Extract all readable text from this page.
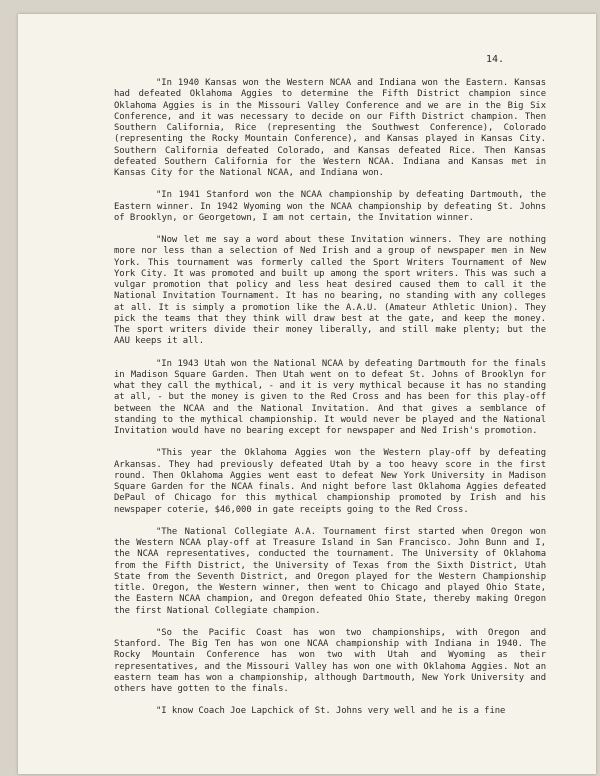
14.

"In 1940 Kansas won the Western NCAA and Indiana won the Eastern. Kansas had defeated Oklahoma Aggies to determine the Fifth District champion since Oklahoma Aggies is in the Missouri Valley Conference and we are in the Big Six Conference, and it was necessary to decide on our Fifth District champion. Then Southern California, Rice (representing the Southwest Conference), Colorado (representing the Rocky Mountain Conference), and Kansas played in Kansas City. Southern California defeated Colorado, and Kansas defeated Rice. Then Kansas defeated Southern California for the Western NCAA. Indiana and Kansas met in Kansas City for the National NCAA, and Indiana won.

"In 1941 Stanford won the NCAA championship by defeating Dartmouth, the Eastern winner. In 1942 Wyoming won the NCAA championship by defeating St. Johns of Brooklyn, or Georgetown, I am not certain, the Invitation winner.

"Now let me say a word about these Invitation winners. They are nothing more nor less than a selection of Ned Irish and a group of newspaper men in New York. This tournament was formerly called the Sport Writers Tournament of New York City. It was promoted and built up among the sport writers. This was such a vulgar promotion that policy and less heat desired caused them to call it the National Invitation Tournament. It has no bearing, no standing with any colleges at all. It is simply a promotion like the A.A.U. (Amateur Athletic Union). They pick the teams that they think will draw best at the gate, and keep the money. The sport writers divide their money liberally, and still make plenty; but the AAU keeps it all.

"In 1943 Utah won the National NCAA by defeating Dartmouth for the finals in Madison Square Garden. Then Utah went on to defeat St. Johns of Brooklyn for what they call the mythical, - and it is very mythical because it has no standing at all, - but the money is given to the Red Cross and has been for this play-off between the NCAA and the National Invitation. And that gives a semblance of standing to the mythical championship. It would never be played and the National Invitation would have no bearing except for newspaper and Ned Irish's promotion.

"This year the Oklahoma Aggies won the Western play-off by defeating Arkansas. They had previously defeated Utah by a too heavy score in the first round. Then Oklahoma Aggies went east to defeat New York University in Madison Square Garden for the NCAA finals. And night before last Oklahoma Aggies defeated DePaul of Chicago for this mythical championship promoted by Irish and his newspaper coterie, $46,000 in gate receipts going to the Red Cross.

"The National Collegiate A.A. Tournament first started when Oregon won the Western NCAA play-off at Treasure Island in San Francisco. John Bunn and I, the NCAA representatives, conducted the tournament. The University of Oklahoma from the Fifth District, the University of Texas from the Sixth District, Utah State from the Seventh District, and Oregon played for the Western Championship title. Oregon, the Western winner, then went to Chicago and played Ohio State, the Eastern NCAA champion, and Oregon defeated Ohio State, thereby making Oregon the first National Collegiate champion.

"So the Pacific Coast has won two championships, with Oregon and Stanford. The Big Ten has won one NCAA championship with Indiana in 1940. The Rocky Mountain Conference has won two with Utah and Wyoming as their representatives, and the Missouri Valley has won one with Oklahoma Aggies. Not an eastern team has won a championship, although Dartmouth, New York University and others have gotten to the finals.

"I know Coach Joe Lapchick of St. Johns very well and he is a fine
